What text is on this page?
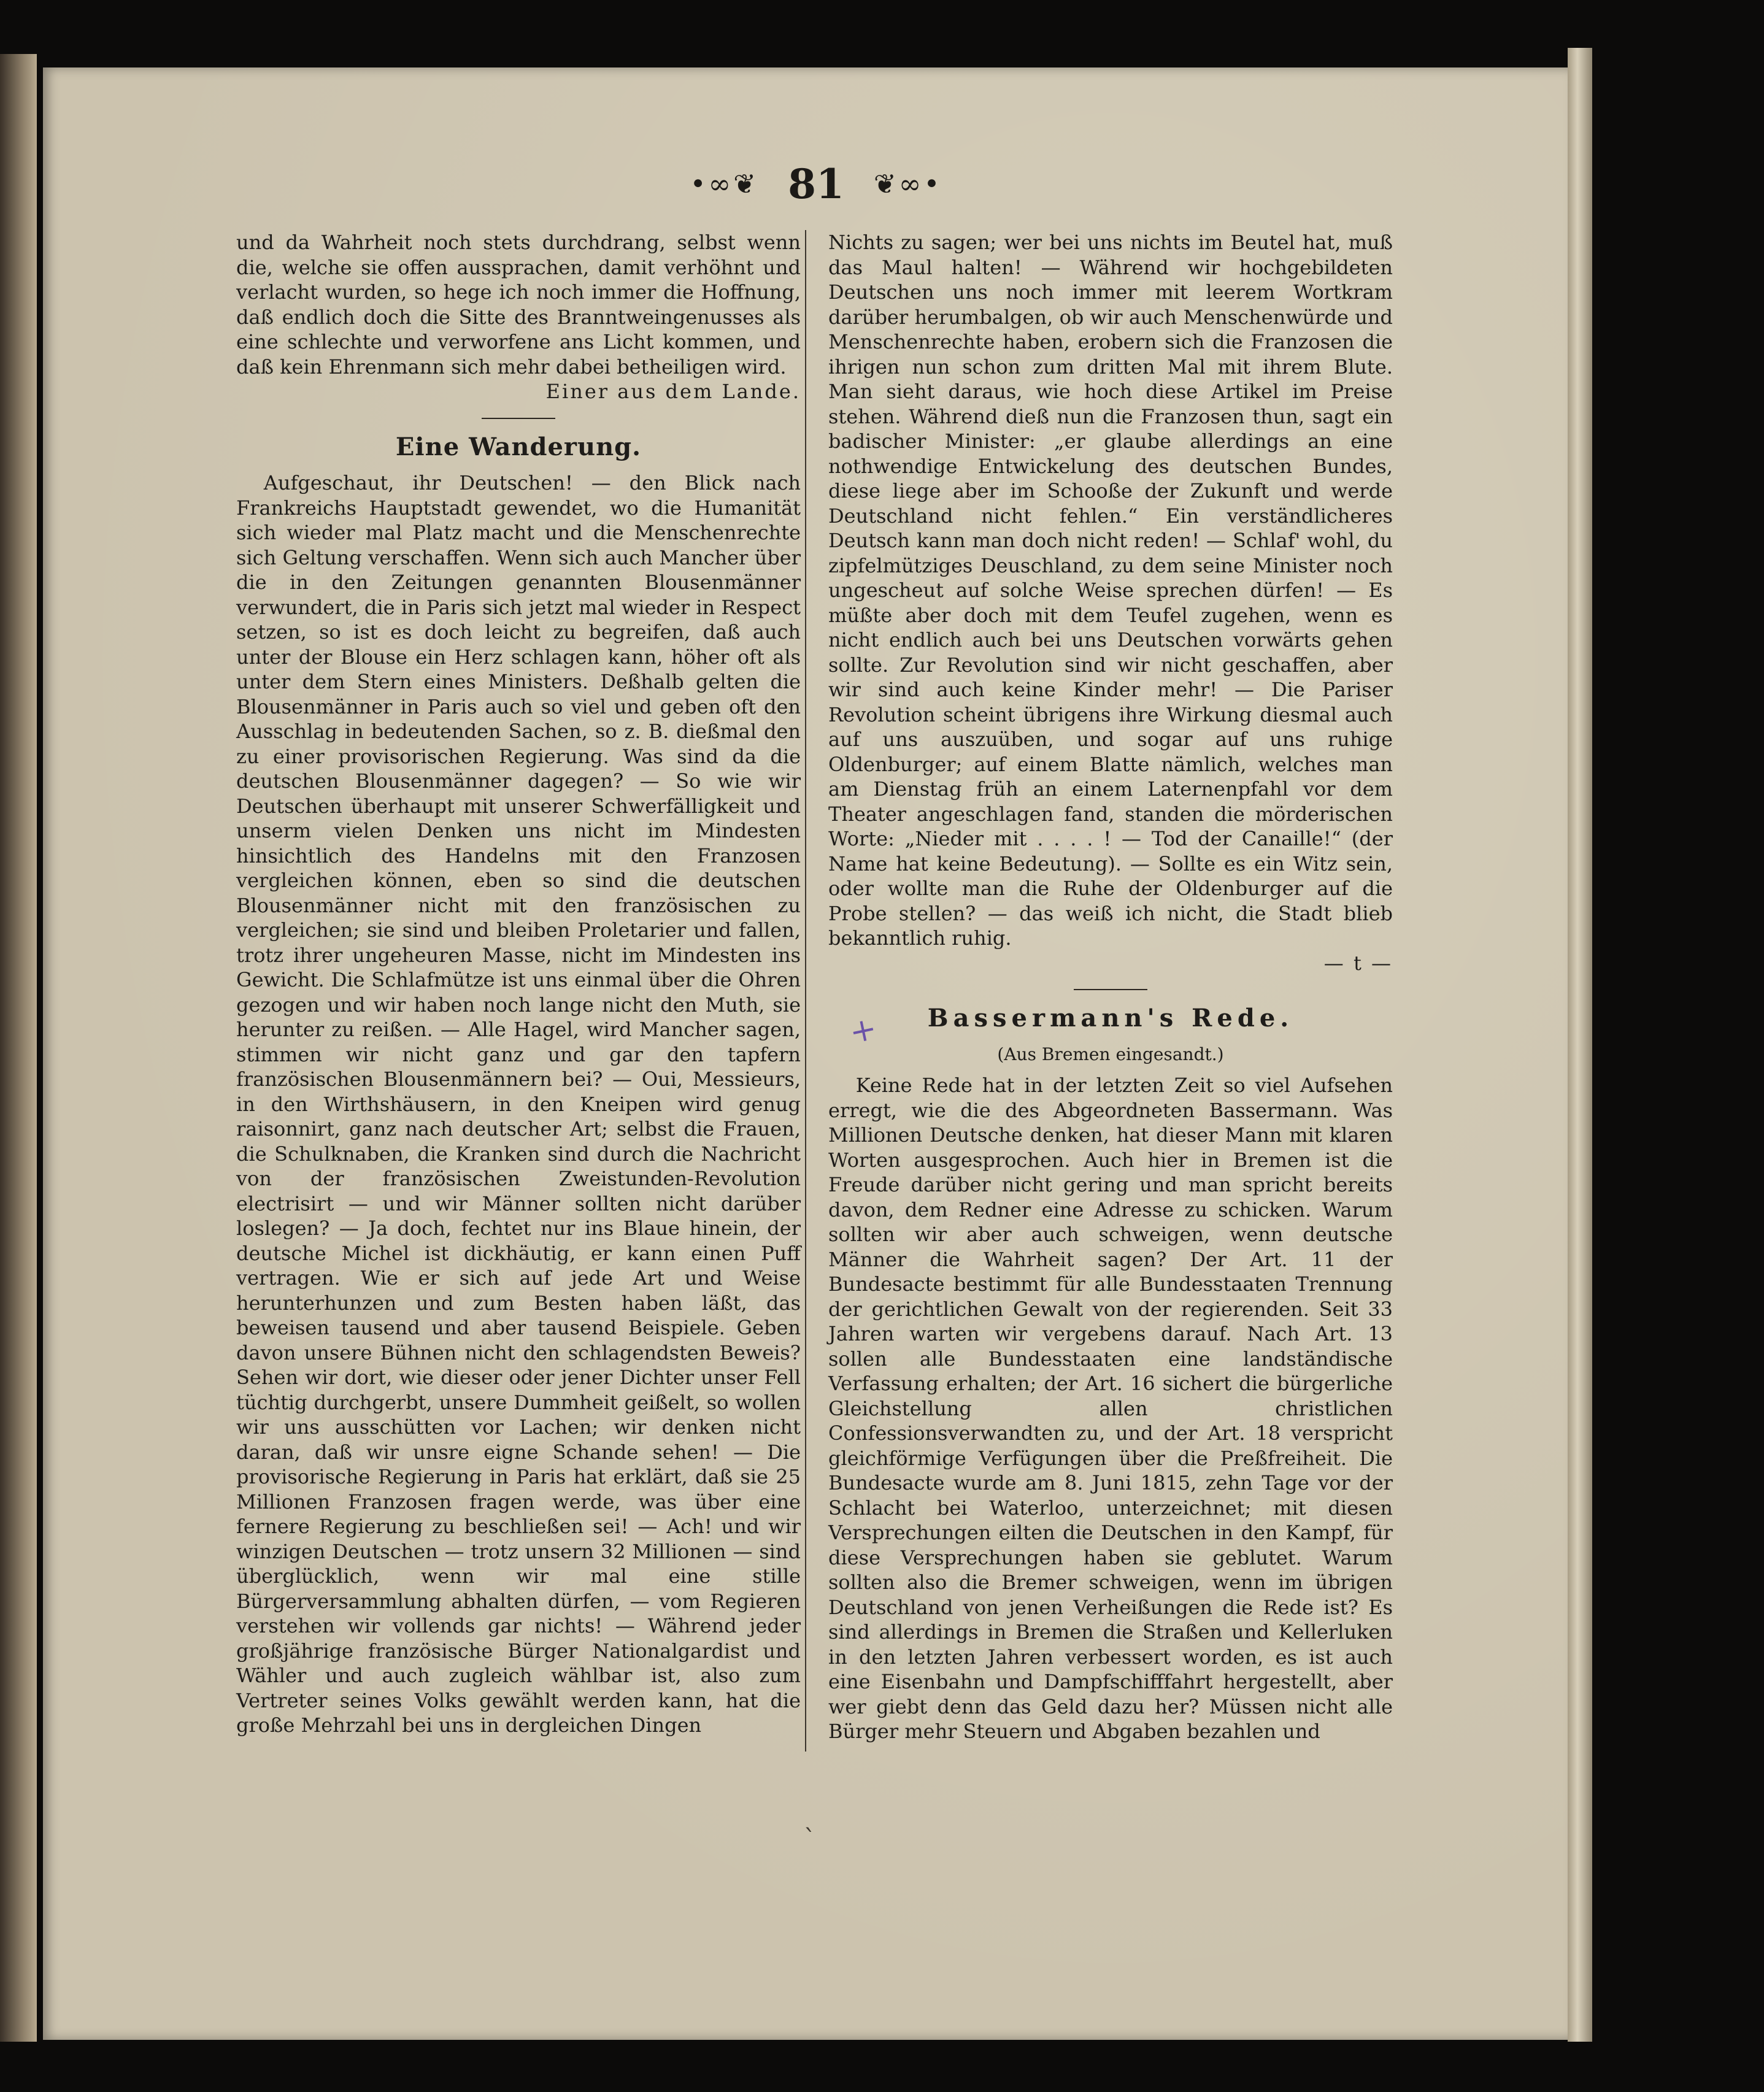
•∞❦ 81 ❦∞•

und da Wahrheit noch stets durchdrang, selbst wenn die, welche sie offen aussprachen, damit verhöhnt und verlacht wurden, so hege ich noch immer die Hoffnung, daß endlich doch die Sitte des Branntweingenusses als eine schlechte und verworfene ans Licht kommen, und daß kein Ehrenmann sich mehr dabei betheiligen wird.

Einer aus dem Lande.

Eine Wanderung.

Aufgeschaut, ihr Deutschen! — den Blick nach Frankreichs Hauptstadt gewendet, wo die Humanität sich wieder mal Platz macht und die Menschenrechte sich Geltung verschaffen. Wenn sich auch Mancher über die in den Zeitungen genannten Blousenmänner verwundert, die in Paris sich jetzt mal wieder in Respect setzen, so ist es doch leicht zu begreifen, daß auch unter der Blouse ein Herz schlagen kann, höher oft als unter dem Stern eines Ministers. Deßhalb gelten die Blousenmänner in Paris auch so viel und geben oft den Ausschlag in bedeutenden Sachen, so z. B. dießmal den zu einer provisorischen Regierung. Was sind da die deutschen Blousenmänner dagegen? — So wie wir Deutschen überhaupt mit unserer Schwerfälligkeit und unserm vielen Denken uns nicht im Mindesten hinsichtlich des Handelns mit den Franzosen vergleichen können, eben so sind die deutschen Blousenmänner nicht mit den französischen zu vergleichen; sie sind und bleiben Proletarier und fallen, trotz ihrer ungeheuren Masse, nicht im Mindesten ins Gewicht. Die Schlafmütze ist uns einmal über die Ohren gezogen und wir haben noch lange nicht den Muth, sie herunter zu reißen. — Alle Hagel, wird Mancher sagen, stimmen wir nicht ganz und gar den tapfern französischen Blousenmännern bei? — Oui, Messieurs, in den Wirthshäusern, in den Kneipen wird genug raisonnirt, ganz nach deutscher Art; selbst die Frauen, die Schulknaben, die Kranken sind durch die Nachricht von der französischen Zweistunden-Revolution electrisirt — und wir Männer sollten nicht darüber loslegen? — Ja doch, fechtet nur ins Blaue hinein, der deutsche Michel ist dickhäutig, er kann einen Puff vertragen. Wie er sich auf jede Art und Weise herunterhunzen und zum Besten haben läßt, das beweisen tausend und aber tausend Beispiele. Geben davon unsere Bühnen nicht den schlagendsten Beweis? Sehen wir dort, wie dieser oder jener Dichter unser Fell tüchtig durchgerbt, unsere Dummheit geißelt, so wollen wir uns ausschütten vor Lachen; wir denken nicht daran, daß wir unsre eigne Schande sehen! — Die provisorische Regierung in Paris hat erklärt, daß sie 25 Millionen Franzosen fragen werde, was über eine fernere Regierung zu beschließen sei! — Ach! und wir winzigen Deutschen — trotz unsern 32 Millionen — sind überglücklich, wenn wir mal eine stille Bürgerversammlung abhalten dürfen, — vom Regieren verstehen wir vollends gar nichts! — Während jeder großjährige französische Bürger Nationalgardist und Wähler und auch zugleich wählbar ist, also zum Vertreter seines Volks gewählt werden kann, hat die große Mehrzahl bei uns in dergleichen Dingen

Nichts zu sagen; wer bei uns nichts im Beutel hat, muß das Maul halten! — Während wir hochgebildeten Deutschen uns noch immer mit leerem Wortkram darüber herumbalgen, ob wir auch Menschenwürde und Menschenrechte haben, erobern sich die Franzosen die ihrigen nun schon zum dritten Mal mit ihrem Blute. Man sieht daraus, wie hoch diese Artikel im Preise stehen. Während dieß nun die Franzosen thun, sagt ein badischer Minister: „er glaube allerdings an eine nothwendige Entwickelung des deutschen Bundes, diese liege aber im Schooße der Zukunft und werde Deutschland nicht fehlen.“ Ein verständlicheres Deutsch kann man doch nicht reden! — Schlaf' wohl, du zipfelmütziges Deuschland, zu dem seine Minister noch ungescheut auf solche Weise sprechen dürfen! — Es müßte aber doch mit dem Teufel zugehen, wenn es nicht endlich auch bei uns Deutschen vorwärts gehen sollte. Zur Revolution sind wir nicht geschaffen, aber wir sind auch keine Kinder mehr! — Die Pariser Revolution scheint übrigens ihre Wirkung diesmal auch auf uns auszuüben, und sogar auf uns ruhige Oldenburger; auf einem Blatte nämlich, welches man am Dienstag früh an einem Laternenpfahl vor dem Theater angeschlagen fand, standen die mörderischen Worte: „Nieder mit . . . . ! — Tod der Canaille!“ (der Name hat keine Bedeutung). — Sollte es ein Witz sein, oder wollte man die Ruhe der Oldenburger auf die Probe stellen? — das weiß ich nicht, die Stadt blieb bekanntlich ruhig.

— t —

Bassermann's Rede.

(Aus Bremen eingesandt.)

Keine Rede hat in der letzten Zeit so viel Aufsehen erregt, wie die des Abgeordneten Bassermann. Was Millionen Deutsche denken, hat dieser Mann mit klaren Worten ausgesprochen. Auch hier in Bremen ist die Freude darüber nicht gering und man spricht bereits davon, dem Redner eine Adresse zu schicken. Warum sollten wir aber auch schweigen, wenn deutsche Männer die Wahrheit sagen? Der Art. 11 der Bundesacte bestimmt für alle Bundesstaaten Trennung der gerichtlichen Gewalt von der regierenden. Seit 33 Jahren warten wir vergebens darauf. Nach Art. 13 sollen alle Bundesstaaten eine landständische Verfassung erhalten; der Art. 16 sichert die bürgerliche Gleichstellung allen christlichen Confessionsverwandten zu, und der Art. 18 verspricht gleichförmige Verfügungen über die Preßfreiheit. Die Bundesacte wurde am 8. Juni 1815, zehn Tage vor der Schlacht bei Waterloo, unterzeichnet; mit diesen Versprechungen eilten die Deutschen in den Kampf, für diese Versprechungen haben sie geblutet. Warum sollten also die Bremer schweigen, wenn im übrigen Deutschland von jenen Verheißungen die Rede ist? Es sind allerdings in Bremen die Straßen und Kellerluken in den letzten Jahren verbessert worden, es ist auch eine Eisenbahn und Dampfschifffahrt hergestellt, aber wer giebt denn das Geld dazu her? Müssen nicht alle Bürger mehr Steuern und Abgaben bezahlen und

+
ˋ
